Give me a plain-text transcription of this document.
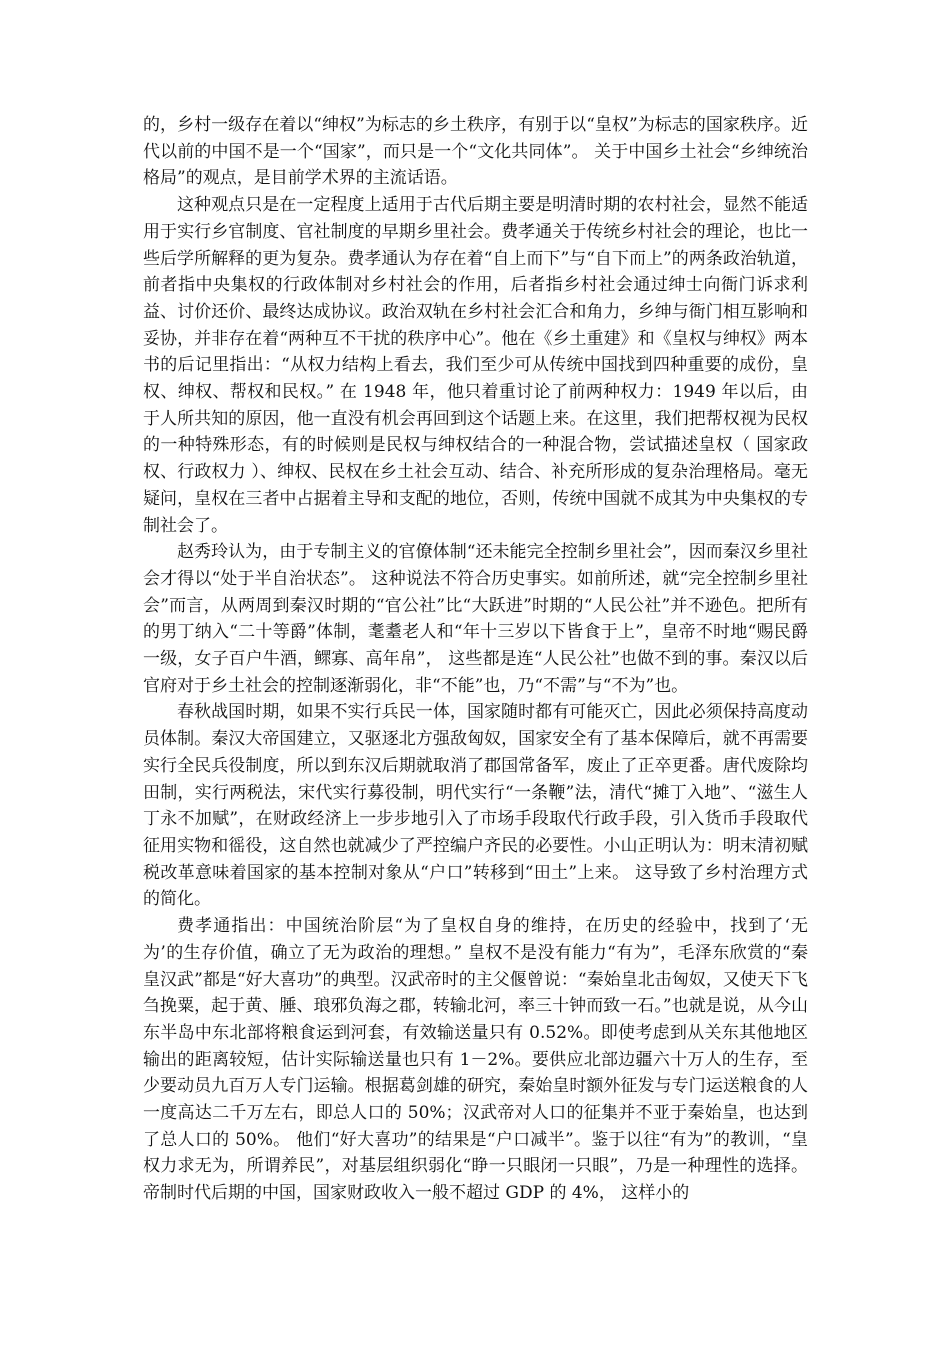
的，乡村一级存在着以“绅权”为标志的乡土秩序，有别于以“皇权”为标志的国家秩序。近代以前的中国不是一个“国家”，而只是一个“文化共同体”。 关于中国乡土社会“乡绅统治格局”的观点，是目前学术界的主流话语。

这种观点只是在一定程度上适用于古代后期主要是明清时期的农村社会，显然不能适用于实行乡官制度、官社制度的早期乡里社会。费孝通关于传统乡村社会的理论，也比一些后学所解释的更为复杂。费孝通认为存在着“自上而下”与“自下而上”的两条政治轨道，前者指中央集权的行政体制对乡村社会的作用，后者指乡村社会通过绅士向衙门诉求利益、讨价还价、最终达成协议。政治双轨在乡村社会汇合和角力，乡绅与衙门相互影响和妥协，并非存在着“两种互不干扰的秩序中心”。他在《乡土重建》和《皇权与绅权》两本书的后记里指出：“从权力结构上看去，我们至少可从传统中国找到四种重要的成份，皇权、绅权、帮权和民权。” 在 1948 年，他只着重讨论了前两种权力：1949 年以后，由于人所共知的原因，他一直没有机会再回到这个话题上来。在这里，我们把帮权视为民权的一种特殊形态，有的时候则是民权与绅权结合的一种混合物，尝试描述皇权（ 国家政权、行政权力 ）、绅权、民权在乡土社会互动、结合、补充所形成的复杂治理格局。毫无疑问，皇权在三者中占据着主导和支配的地位，否则，传统中国就不成其为中央集权的专制社会了。

赵秀玲认为，由于专制主义的官僚体制“还未能完全控制乡里社会”，因而秦汉乡里社会才得以“处于半自治状态”。 这种说法不符合历史事实。如前所述，就“完全控制乡里社会”而言，从两周到秦汉时期的“官公社”比“大跃进”时期的“人民公社”并不逊色。把所有的男丁纳入“二十等爵”体制，耄耋老人和“年十三岁以下皆食于上”，皇帝不时地“赐民爵一级，女子百户牛酒，鳏寡、高年帛”， 这些都是连“人民公社”也做不到的事。秦汉以后官府对于乡土社会的控制逐渐弱化，非“不能”也，乃“不需”与“不为”也。

春秋战国时期，如果不实行兵民一体，国家随时都有可能灭亡，因此必须保持高度动员体制。秦汉大帝国建立，又驱逐北方强敌匈奴，国家安全有了基本保障后，就不再需要实行全民兵役制度，所以到东汉后期就取消了郡国常备军，废止了正卒更番。唐代废除均田制，实行两税法，宋代实行募役制，明代实行“一条鞭”法，清代“摊丁入地”、“滋生人丁永不加赋”，在财政经济上一步步地引入了市场手段取代行政手段，引入货币手段取代征用实物和徭役，这自然也就减少了严控编户齐民的必要性。小山正明认为：明末清初赋税改革意味着国家的基本控制对象从“户口”转移到“田土”上来。 这导致了乡村治理方式的简化。

费孝通指出：中国统治阶层“为了皇权自身的维持，在历史的经验中，找到了‘无为’的生存价值，确立了无为政治的理想。” 皇权不是没有能力“有为”，毛泽东欣赏的“秦皇汉武”都是“好大喜功”的典型。汉武帝时的主父偃曾说：“秦始皇北击匈奴，又使天下飞刍挽粟，起于黄、腄、琅邪负海之郡，转输北河，率三十钟而致一石。”也就是说，从今山东半岛中东北部将粮食运到河套，有效输送量只有 0.52%。即使考虑到从关东其他地区输出的距离较短，估计实际输送量也只有 1－2%。要供应北部边疆六十万人的生存，至少要动员九百万人专门运输。根据葛剑雄的研究，秦始皇时额外征发与专门运送粮食的人一度高达二千万左右，即总人口的 50%；汉武帝对人口的征集并不亚于秦始皇，也达到了总人口的 50%。 他们“好大喜功”的结果是“户口减半”。鉴于以往“有为”的教训，“皇权力求无为，所谓养民”，对基层组织弱化“睁一只眼闭一只眼”，乃是一种理性的选择。帝制时代后期的中国，国家财政收入一般不超过 GDP 的 4%， 这样小的
